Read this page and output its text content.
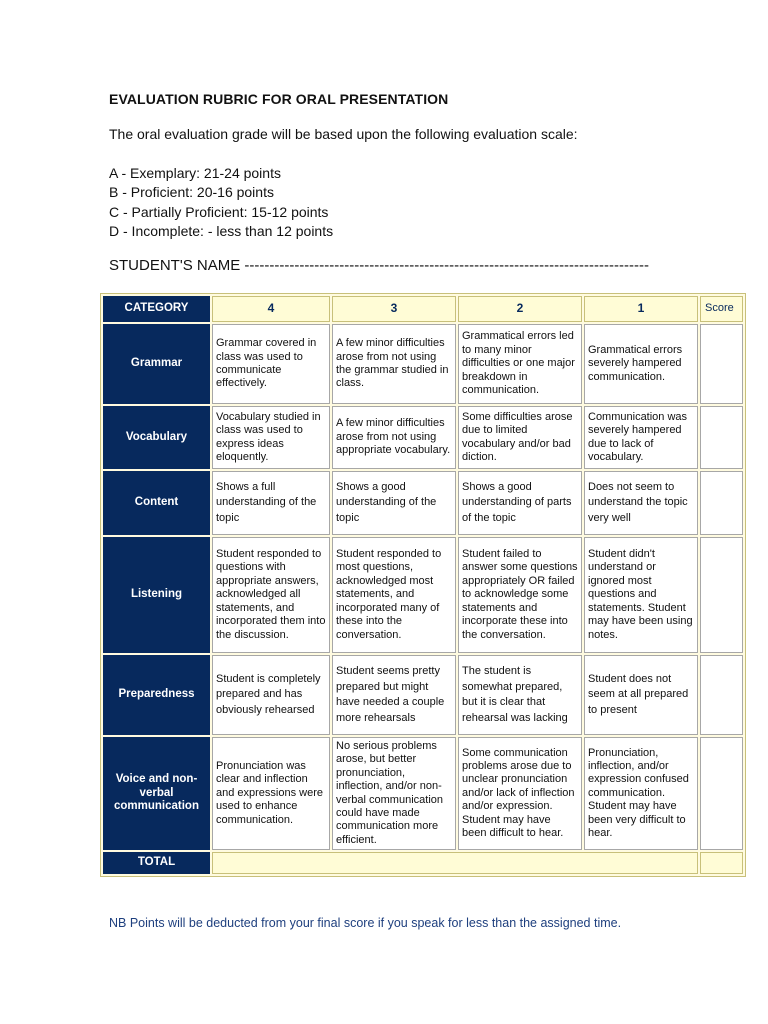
EVALUATION RUBRIC FOR ORAL PRESENTATION
The oral evaluation grade will be based upon the following evaluation scale:
A - Exemplary: 21-24 points
B - Proficient: 20-16 points
C - Partially Proficient: 15-12 points
D - Incomplete: - less than 12 points
STUDENT'S NAME ---------------------------------------------------------------------------------
CATEGORY	4	3	2	1	Score
Grammar	Grammar covered in class was used to communicate effectively.	A few minor difficulties arose from not using the grammar studied in class.	Grammatical errors led to many minor difficulties or one major breakdown in communication.	Grammatical errors severely hampered communication.	
Vocabulary	Vocabulary studied in class was used to express ideas eloquently.	A few minor difficulties arose from not using appropriate vocabulary.	Some difficulties arose due to limited vocabulary and/or bad diction.	Communication was severely hampered due to lack of vocabulary.	
Content	Shows a full understanding of the topic	Shows a good understanding of the topic	Shows a good understanding of parts of the topic	Does not seem to understand the topic very well	
Listening	Student responded to questions with appropriate answers, acknowledged all statements, and incorporated them into the discussion.	Student responded to most questions, acknowledged most statements, and incorporated many of these into the conversation.	Student failed to answer some questions appropriately OR failed to acknowledge some statements and incorporate these into the conversation.	Student didn't understand or ignored most questions and statements. Student may have been using notes.	
Preparedness	Student is completely prepared and has obviously rehearsed	Student seems pretty prepared but might have needed a couple more rehearsals	The student is somewhat prepared, but it is clear that rehearsal was lacking	Student does not seem at all prepared to present	
Voice and non-verbal communication	Pronunciation was clear and inflection and expressions were used to enhance communication.	No serious problems arose, but better pronunciation, inflection, and/or non-verbal communication could have made communication more efficient.	Some communication problems arose due to unclear pronunciation and/or lack of inflection and/or expression. Student may have been difficult to hear.	Pronunciation, inflection, and/or expression confused communication. Student may have been very difficult to hear.	
TOTAL					
NB Points will be deducted from your final score if you speak for less than the assigned time.
